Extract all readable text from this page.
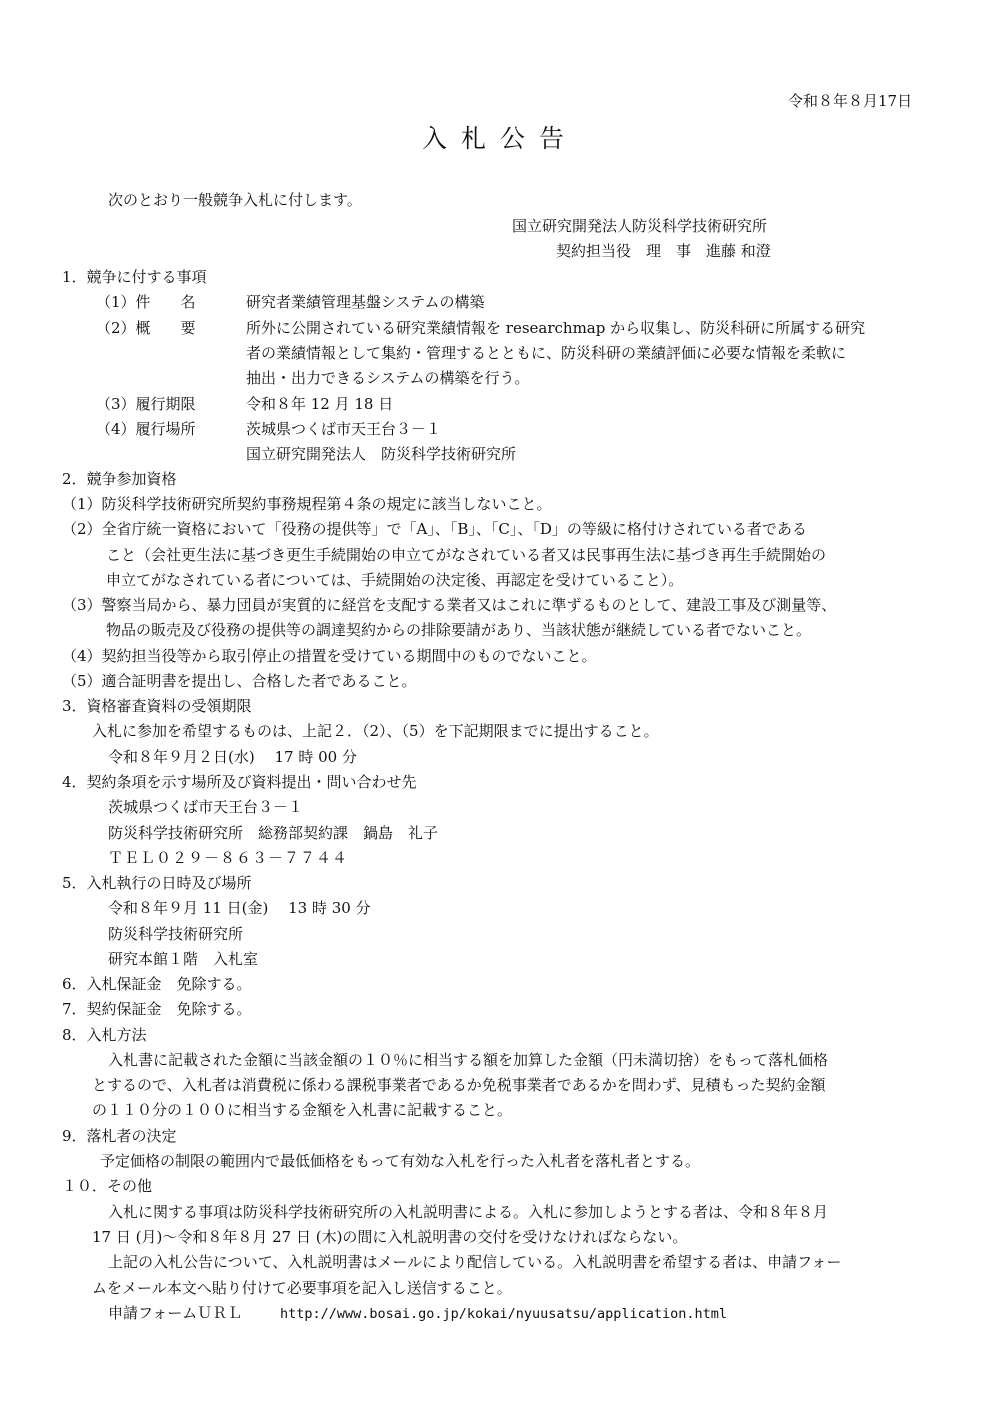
令和８年８月17日
入札公告
次のとおり一般競争入札に付します。
国立研究開発法人防災科学技術研究所
契約担当役　理　事　進藤 和澄
1．競争に付する事項
（1）件　　名	研究者業績管理基盤システムの構築
（2）概　　要	所外に公開されている研究業績情報を researchmap から収集し、防災科研に所属する研究
者の業績情報として集約・管理するとともに、防災科研の業績評価に必要な情報を柔軟に
抽出・出力できるシステムの構築を行う。
（3）履行期限	令和８年 12 月 18 日
（4）履行場所	茨城県つくば市天王台３－１
国立研究開発法人　防災科学技術研究所
2．競争参加資格
（1）防災科学技術研究所契約事務規程第４条の規定に該当しないこと。
（2）全省庁統一資格において「役務の提供等」で「A」、「B」、「C」、「D」の等級に格付けされている者である
こと（会社更生法に基づき更生手続開始の申立てがなされている者又は民事再生法に基づき再生手続開始の
申立てがなされている者については、手続開始の決定後、再認定を受けていること）。
（3）警察当局から、暴力団員が実質的に経営を支配する業者又はこれに準ずるものとして、建設工事及び測量等、
物品の販売及び役務の提供等の調達契約からの排除要請があり、当該状態が継続している者でないこと。
（4）契約担当役等から取引停止の措置を受けている期間中のものでないこと。
（5）適合証明書を提出し、合格した者であること。
3．資格審査資料の受領期限
入札に参加を希望するものは、上記２．（2）、（5）を下記期限までに提出すること。
令和８年９月２日(水)　 17 時 00 分
4．契約条項を示す場所及び資料提出・問い合わせ先
茨城県つくば市天王台３－１
防災科学技術研究所　総務部契約課　鍋島　礼子
ＴＥＬ０２９－８６３－７７４４
5．入札執行の日時及び場所
令和８年９月 11 日(金)　 13 時 30 分
防災科学技術研究所
研究本館１階　入札室
6．入札保証金　免除する。
7．契約保証金　免除する。
8．入札方法
入札書に記載された金額に当該金額の１０％に相当する額を加算した金額（円未満切捨）をもって落札価格
とするので、入札者は消費税に係わる課税事業者であるか免税事業者であるかを問わず、見積もった契約金額
の１１０分の１００に相当する金額を入札書に記載すること。
9．落札者の決定
予定価格の制限の範囲内で最低価格をもって有効な入札を行った入札者を落札者とする。
１０．その他
入札に関する事項は防災科学技術研究所の入札説明書による。入札に参加しようとする者は、令和８年８月
17 日 (月)～令和８年８月 27 日 (木)の間に入札説明書の交付を受けなければならない。
上記の入札公告について、入札説明書はメールにより配信している。入札説明書を希望する者は、申請フォー
ムをメール本文へ貼り付けて必要事項を記入し送信すること。
申請フォームＵＲＬ	http://www.bosai.go.jp/kokai/nyuusatsu/application.html
